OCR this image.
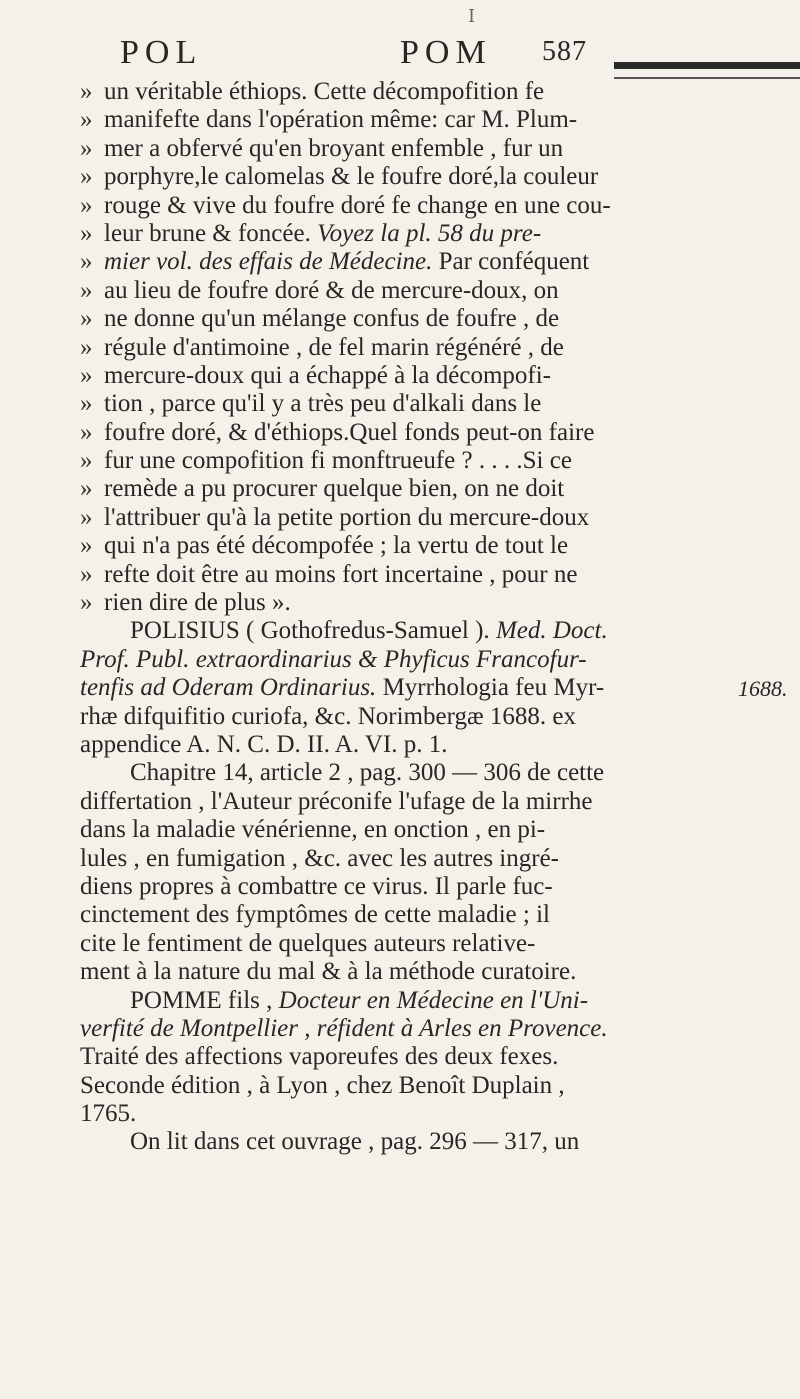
I
POL	POM 587
» un véritable éthiops. Cette décompofition fe
» manifefte dans l'opération même: car M. Plum-
» mer a obfervé qu'en broyant enfemble , fur un
» porphyre,le calomelas & le foufre doré,la couleur
» rouge & vive du foufre doré fe change en une cou-
» leur brune & foncée. Voyez la pl. 58 du pre-
» mier vol. des effais de Médecine. Par conféquent
» au lieu de foufre doré & de mercure-doux, on
» ne donne qu'un mélange confus de foufre , de
» régule d'antimoine , de fel marin régénéré , de
» mercure-doux qui a échappé à la décompofi-
» tion , parce qu'il y a très peu d'alkali dans le
» foufre doré, & d'éthiops.Quel fonds peut-on faire
» fur une compofition fi monftrueufe ? . . . .Si ce
» remède a pu procurer quelque bien, on ne doit
» l'attribuer qu'à la petite portion du mercure-doux
» qui n'a pas été décompofée ; la vertu de tout le
» refte doit être au moins fort incertaine , pour ne
» rien dire de plus ».
POLISIUS ( Gothofredus-Samuel ). Med. Doct.
Prof. Publ. extraordinarius & Phyficus Francofur-
tenfis ad Oderam Ordinarius. Myrrhologia feu Myr-
rhæ difquifitio curiofa, &c. Norimbergæ 1688. ex
appendice A. N. C. D. II. A. VI. p. 1.
Chapitre 14, article 2 , pag. 300 — 306 de cette
differtation , l'Auteur préconife l'ufage de la mirrhe
dans la maladie vénérienne, en onction , en pi-
lules , en fumigation , &c. avec les autres ingré-
diens propres à combattre ce virus. Il parle fuc-
cinctement des fymptômes de cette maladie ; il
cite le fentiment de quelques auteurs relative-
ment à la nature du mal & à la méthode curatoire.
POMME fils , Docteur en Médecine en l'Uni-
verfité de Montpellier , réfident à Arles en Provence.
Traité des affections vaporeufes des deux fexes.
Seconde édition , à Lyon , chez Benoît Duplain ,
1765.
On lit dans cet ouvrage , pag. 296 — 317, un
1688.
